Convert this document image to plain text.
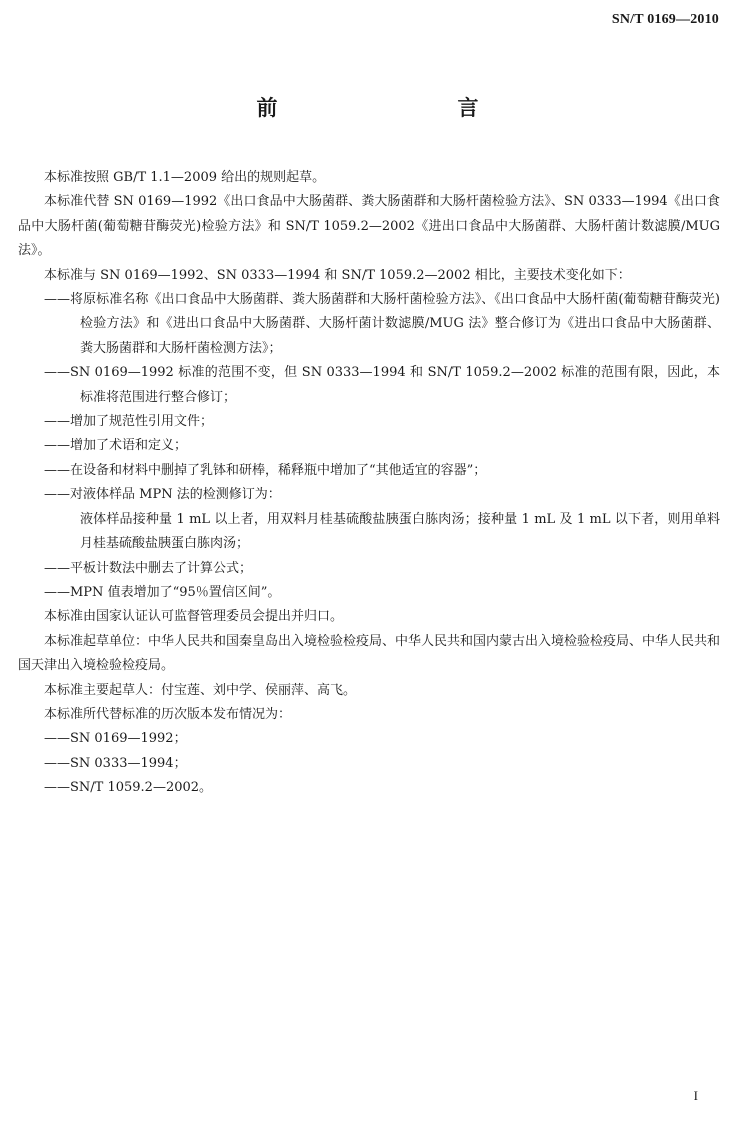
SN/T 0169—2010
前　　言

本标准按照 GB/T 1.1—2009 给出的规则起草。

本标准代替 SN 0169—1992《出口食品中大肠菌群、粪大肠菌群和大肠杆菌检验方法》、SN 0333—1994《出口食品中大肠杆菌(葡萄糖苷酶荧光)检验方法》和 SN/T 1059.2—2002《进出口食品中大肠菌群、大肠杆菌计数滤膜/MUG 法》。

本标准与 SN 0169—1992、SN 0333—1994 和 SN/T 1059.2—2002 相比，主要技术变化如下：

——将原标准名称《出口食品中大肠菌群、粪大肠菌群和大肠杆菌检验方法》、《出口食品中大肠杆菌(葡萄糖苷酶荧光)检验方法》和《进出口食品中大肠菌群、大肠杆菌计数滤膜/MUG 法》整合修订为《进出口食品中大肠菌群、粪大肠菌群和大肠杆菌检测方法》；

——SN 0169—1992 标准的范围不变，但 SN 0333—1994 和 SN/T 1059.2—2002 标准的范围有限，因此，本标准将范围进行整合修订；

——增加了规范性引用文件；

——增加了术语和定义；

——在设备和材料中删掉了乳钵和研棒，稀释瓶中增加了“其他适宜的容器”；

——对液体样品 MPN 法的检测修订为：

液体样品接种量 1 mL 以上者，用双料月桂基硫酸盐胰蛋白胨肉汤；接种量 1 mL 及 1 mL 以下者，则用单料月桂基硫酸盐胰蛋白胨肉汤；

——平板计数法中删去了计算公式；

——MPN 值表增加了“95％置信区间”。

本标准由国家认证认可监督管理委员会提出并归口。

本标准起草单位：中华人民共和国秦皇岛出入境检验检疫局、中华人民共和国内蒙古出入境检验检疫局、中华人民共和国天津出入境检验检疫局。

本标准主要起草人：付宝莲、刘中学、侯丽萍、高飞。

本标准所代替标准的历次版本发布情况为：

——SN 0169—1992；

——SN 0333—1994；

——SN/T 1059.2—2002。

I
